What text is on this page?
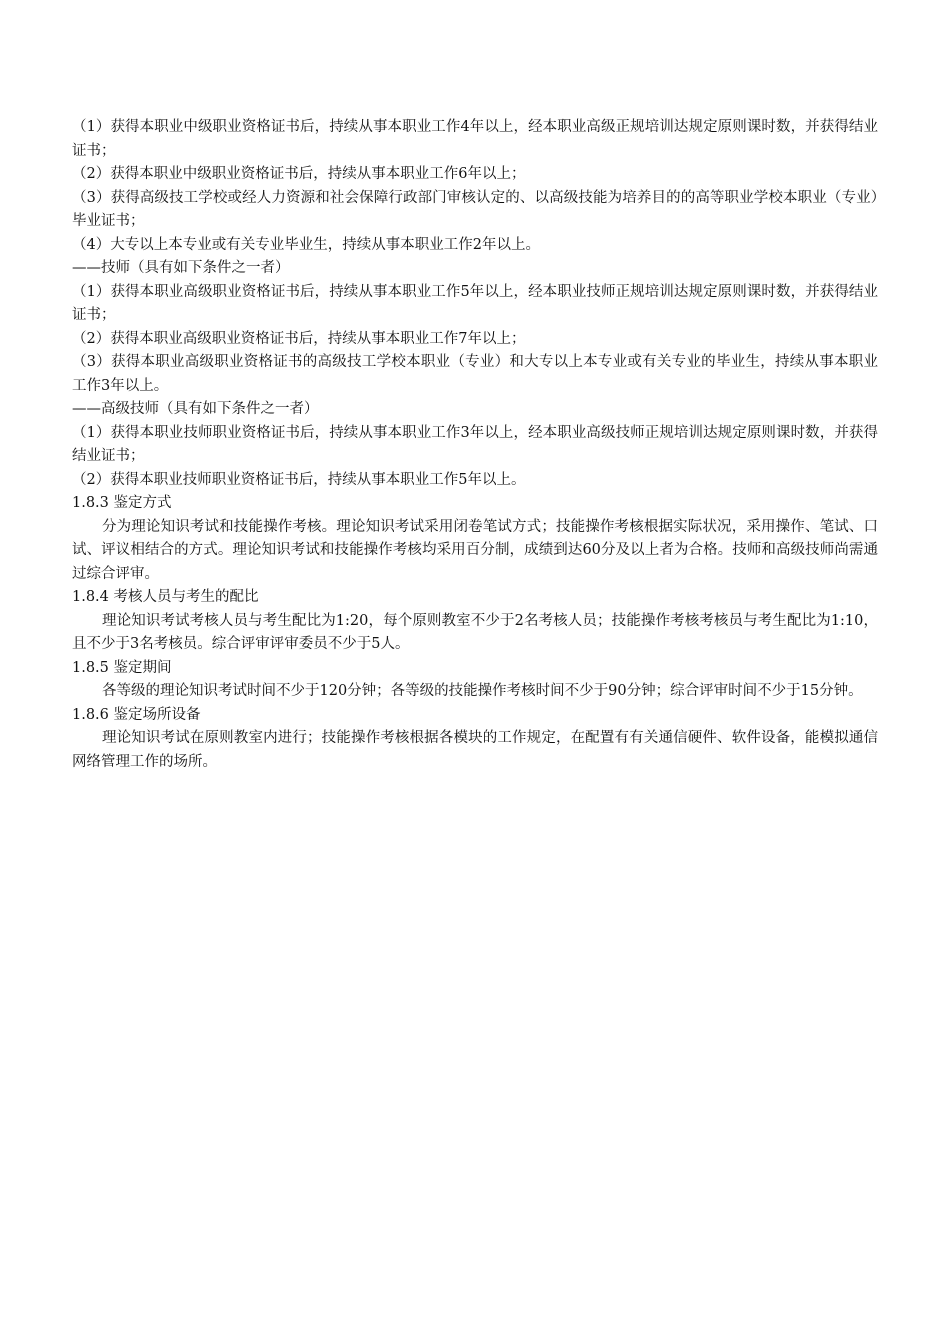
（1）获得本职业中级职业资格证书后，持续从事本职业工作4年以上，经本职业高级正规培训达规定原则课时数，并获得结业证书；
（2）获得本职业中级职业资格证书后，持续从事本职业工作6年以上；
（3）获得高级技工学校或经人力资源和社会保障行政部门审核认定的、以高级技能为培养目的的高等职业学校本职业（专业）毕业证书；
（4）大专以上本专业或有关专业毕业生，持续从事本职业工作2年以上。
——技师（具有如下条件之一者）
（1）获得本职业高级职业资格证书后，持续从事本职业工作5年以上，经本职业技师正规培训达规定原则课时数，并获得结业证书；
（2）获得本职业高级职业资格证书后，持续从事本职业工作7年以上；
（3）获得本职业高级职业资格证书的高级技工学校本职业（专业）和大专以上本专业或有关专业的毕业生，持续从事本职业工作3年以上。
——高级技师（具有如下条件之一者）
（1）获得本职业技师职业资格证书后，持续从事本职业工作3年以上，经本职业高级技师正规培训达规定原则课时数，并获得结业证书；
（2）获得本职业技师职业资格证书后，持续从事本职业工作5年以上。
1.8.3 鉴定方式
分为理论知识考试和技能操作考核。理论知识考试采用闭卷笔试方式；技能操作考核根据实际状况，采用操作、笔试、口试、评议相结合的方式。理论知识考试和技能操作考核均采用百分制，成绩到达60分及以上者为合格。技师和高级技师尚需通过综合评审。
1.8.4 考核人员与考生的配比
理论知识考试考核人员与考生配比为1:20，每个原则教室不少于2名考核人员；技能操作考核考核员与考生配比为1:10，且不少于3名考核员。综合评审评审委员不少于5人。
1.8.5 鉴定期间
各等级的理论知识考试时间不少于120分钟；各等级的技能操作考核时间不少于90分钟；综合评审时间不少于15分钟。
1.8.6 鉴定场所设备
理论知识考试在原则教室内进行；技能操作考核根据各模块的工作规定，在配置有有关通信硬件、软件设备，能模拟通信网络管理工作的场所。
